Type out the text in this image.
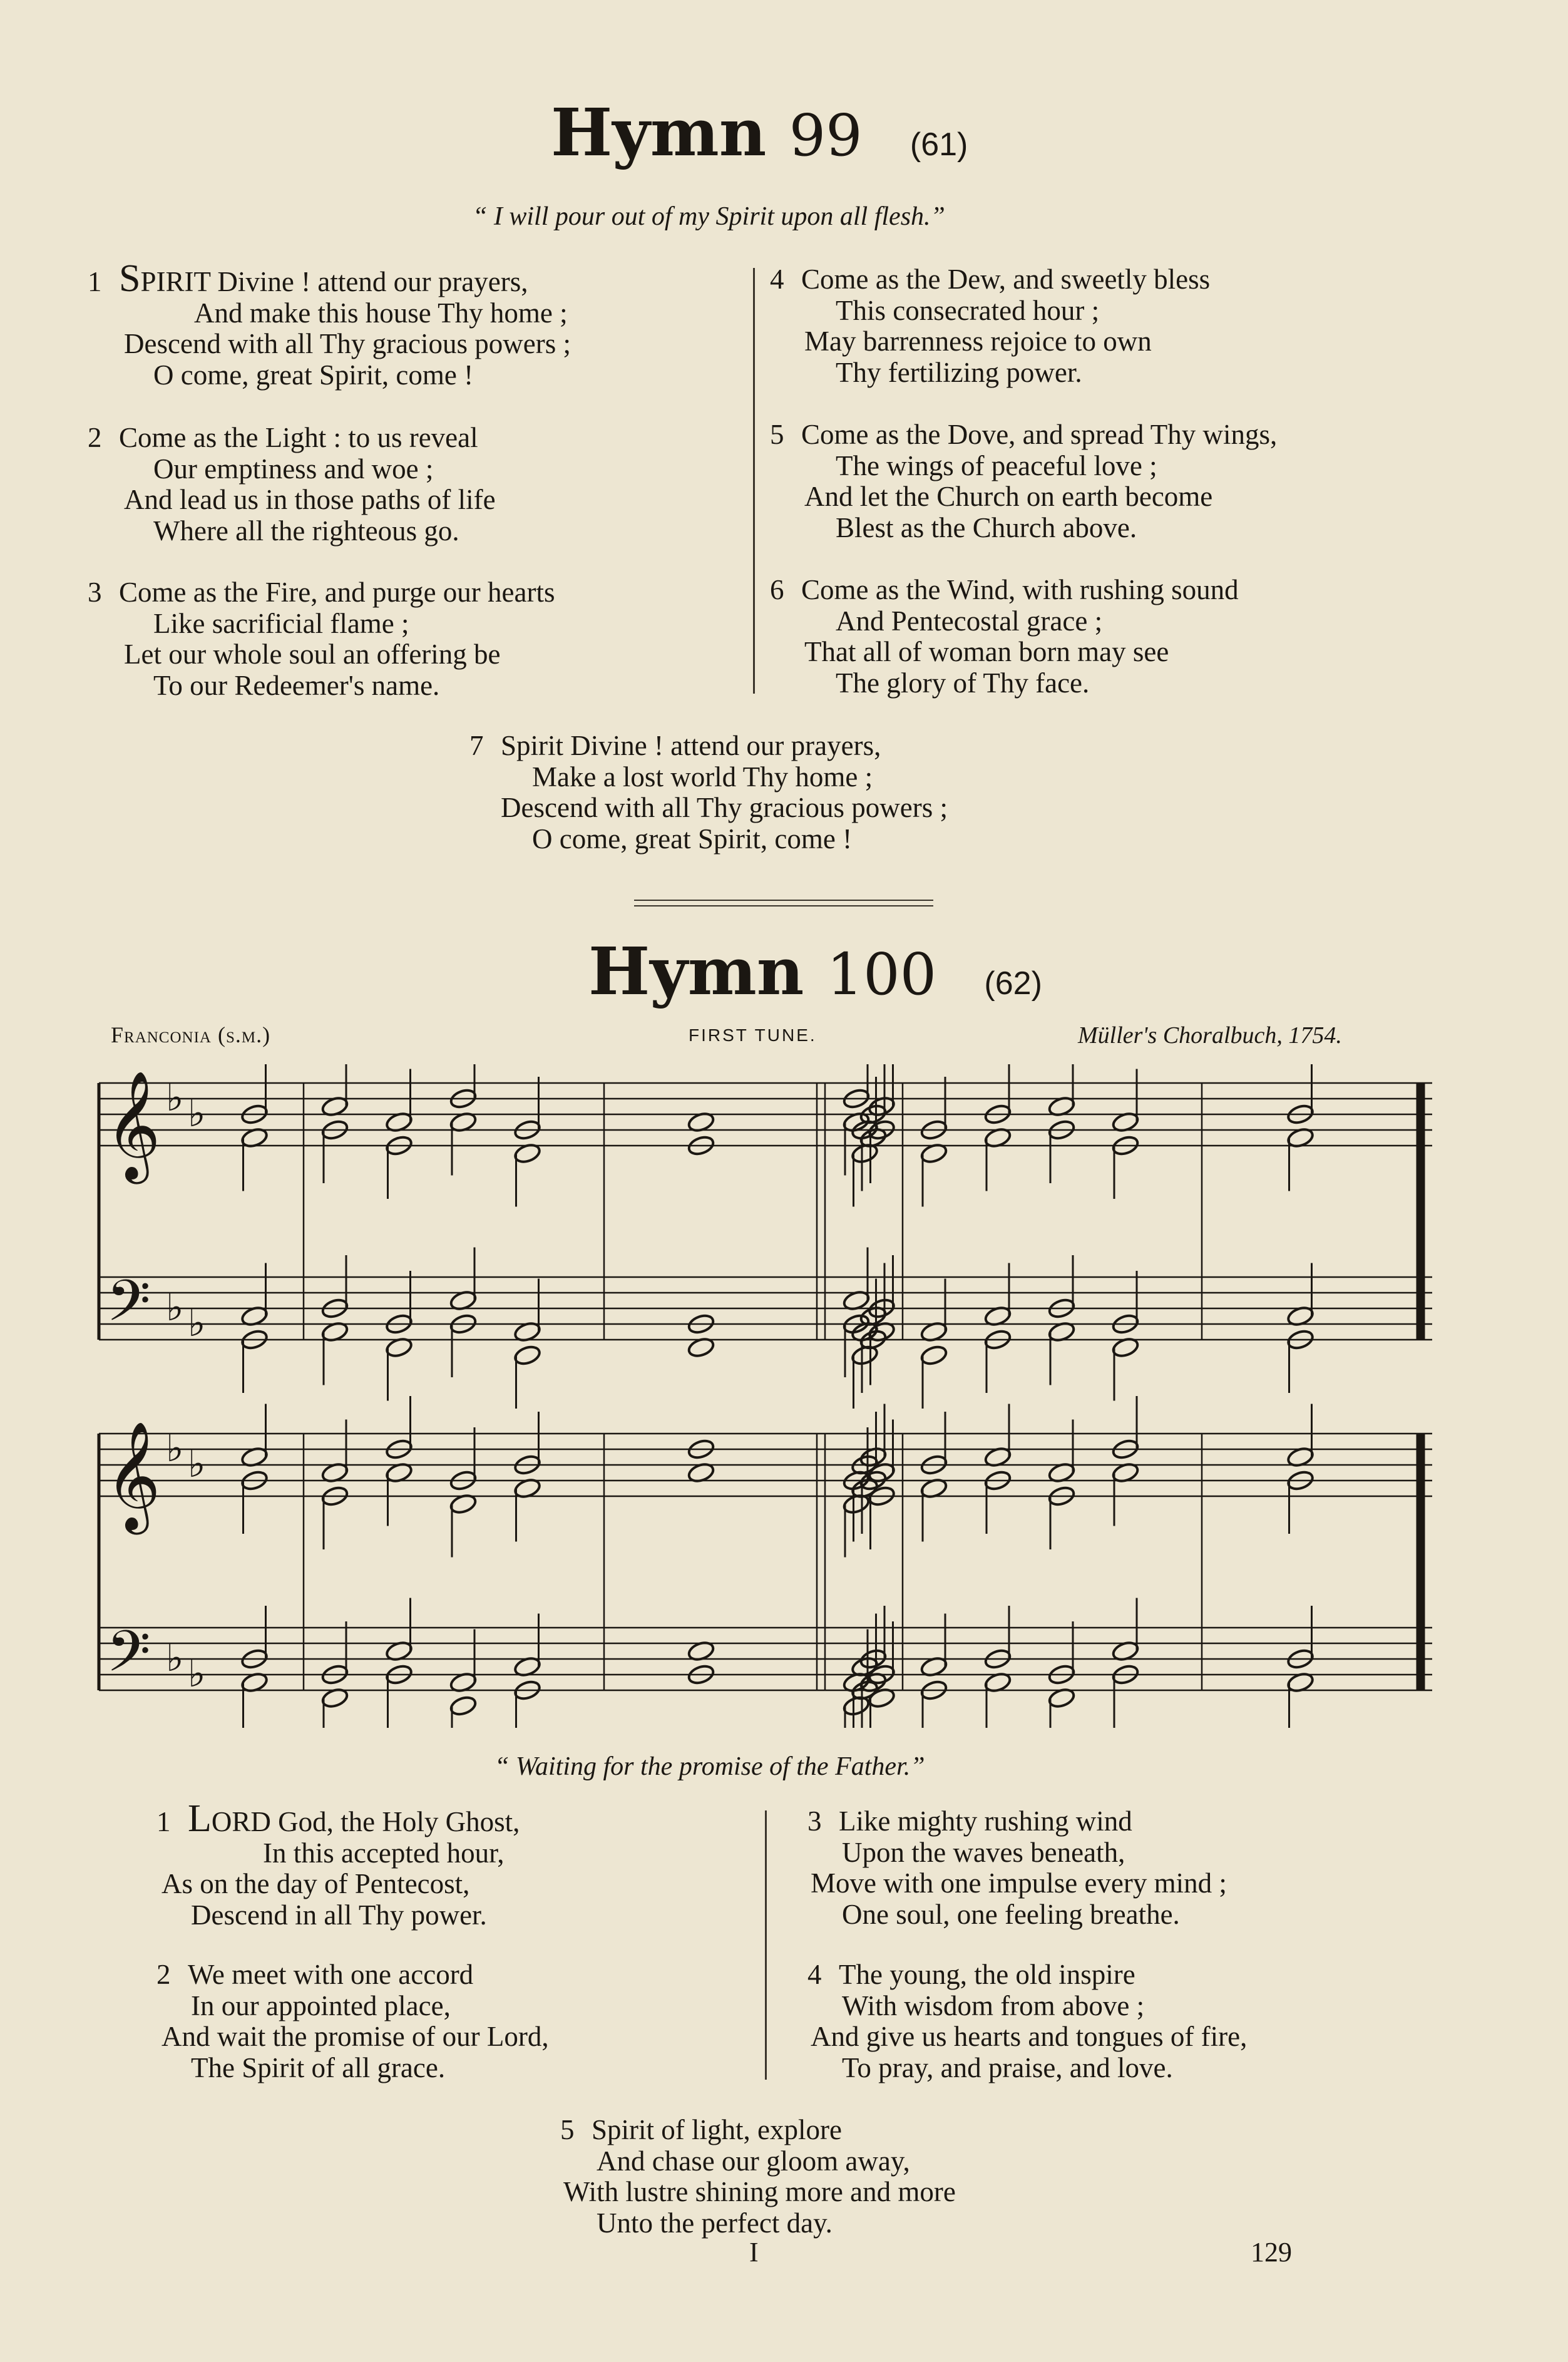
Hymn 99 (61)
“ I will pour out of my Spirit upon all flesh.”
1 SPIRIT Divine ! attend our prayers,
And make this house Thy home ;
Descend with all Thy gracious powers ;
O come, great Spirit, come !
2 Come as the Light : to us reveal
Our emptiness and woe ;
And lead us in those paths of life
Where all the righteous go.
3 Come as the Fire, and purge our hearts
Like sacrificial flame ;
Let our whole soul an offering be
To our Redeemer's name.
4 Come as the Dew, and sweetly bless
This consecrated hour ;
May barrenness rejoice to own
Thy fertilizing power.
5 Come as the Dove, and spread Thy wings,
The wings of peaceful love ;
And let the Church on earth become
Blest as the Church above.
6 Come as the Wind, with rushing sound
And Pentecostal grace ;
That all of woman born may see
The glory of Thy face.
7 Spirit Divine ! attend our prayers,
Make a lost world Thy home ;
Descend with all Thy gracious powers ;
O come, great Spirit, come !
Hymn 100 (62)
Franconia (s.m.)	FIRST TUNE.	Müller's Choralbuch, 1754.
𝄞
𝄢
♭ ♭
♭ ♭
𝄞
𝄢
♭ ♭
♭ ♭
“ Waiting for the promise of the Father.”
1 LORD God, the Holy Ghost,
In this accepted hour,
As on the day of Pentecost,
Descend in all Thy power.
2 We meet with one accord
In our appointed place,
And wait the promise of our Lord,
The Spirit of all grace.
3 Like mighty rushing wind
Upon the waves beneath,
Move with one impulse every mind ;
One soul, one feeling breathe.
4 The young, the old inspire
With wisdom from above ;
And give us hearts and tongues of fire,
To pray, and praise, and love.
5 Spirit of light, explore
And chase our gloom away,
With lustre shining more and more
Unto the perfect day.
I	129
